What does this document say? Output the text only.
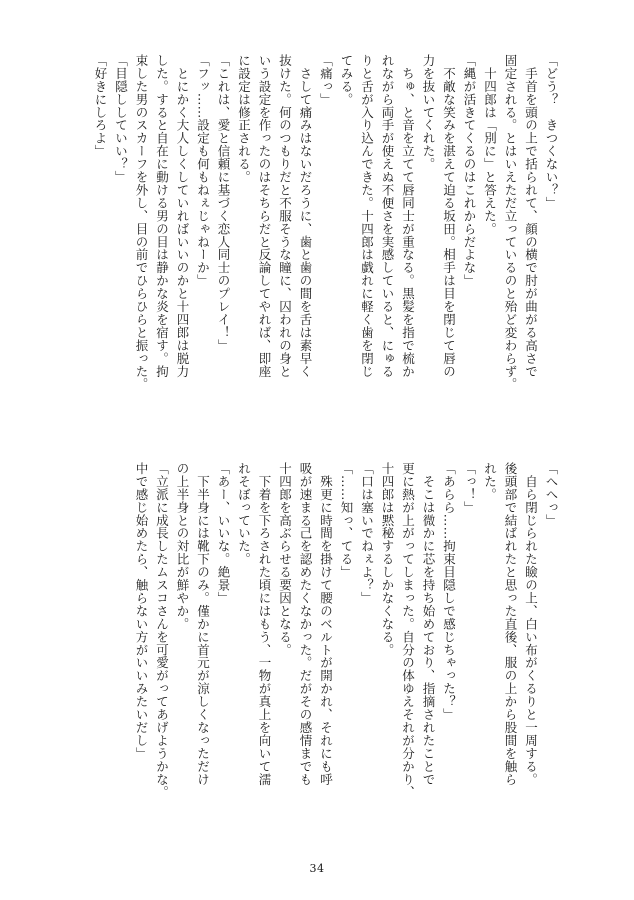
「どう？　きつくない？」

　手首を頭の上で括られて、顔の横で肘が曲がる高さで

固定される。とはいえただ立っているのと殆ど変わらず。

　十四郎は「別に」と答えた。

「縄が活きてくるのはこれからだよな」

　不敵な笑みを湛えて迫る坂田。相手は目を閉じて唇の

力を抜いてくれた。

　ちゅ、と音を立てて唇同士が重なる。黒髪を指で梳か

れながら両手が使えぬ不便さを実感していると、にゅる

りと舌が入り込んできた。十四郎は戯れに軽く歯を閉じ

てみる。

「痛っ」

　さして痛みはないだろうに、歯と歯の間を舌は素早く

抜けた。何のつもりだと不服そうな瞳に、囚われの身と

いう設定を作ったのはそちらだと反論してやれば、即座

に設定は修正される。

「これは、愛と信頼に基づく恋人同士のプレイ！」

「フッ……設定も何もねぇじゃねーか」

　とにかく大人しくしていればいいのかと十四郎は脱力

した。すると自在に動ける男の目は静かな炎を宿す。拘

束した男のスカーフを外し、目の前でひらひらと振った。

「目隠ししていい？」

「好きにしろよ」

「へへっ」

　自ら閉じられた瞼の上、白い布がくるりと一周する。

後頭部で結ばれたと思った直後、服の上から股間を触ら

れた。

「っ！」

「あらら……拘束目隠しで感じちゃった？」

　そこは微かに芯を持ち始めており、指摘されたことで

更に熱が上がってしまった。自分の体ゆえそれが分かり、

十四郎は黙秘するしかなくなる。

「口は塞いでねぇよ？」

「……知っ、てる」

　殊更に時間を掛けて腰のベルトが開かれ、それにも呼

吸が速まる己を認めたくなかった。だがその感情までも

十四郎を高ぶらせる要因となる。

　下着を下ろされた頃にはもう、一物が真上を向いて濡

れそぼっていた。

「あー、いいな。絶景」

　下半身には靴下のみ。僅かに首元が涼しくなっただけ

の上半身との対比が鮮やか。

「立派に成長したムスコさんを可愛がってあげようかな。

中で感じ始めたら、触らない方がいいみたいだし」

34
